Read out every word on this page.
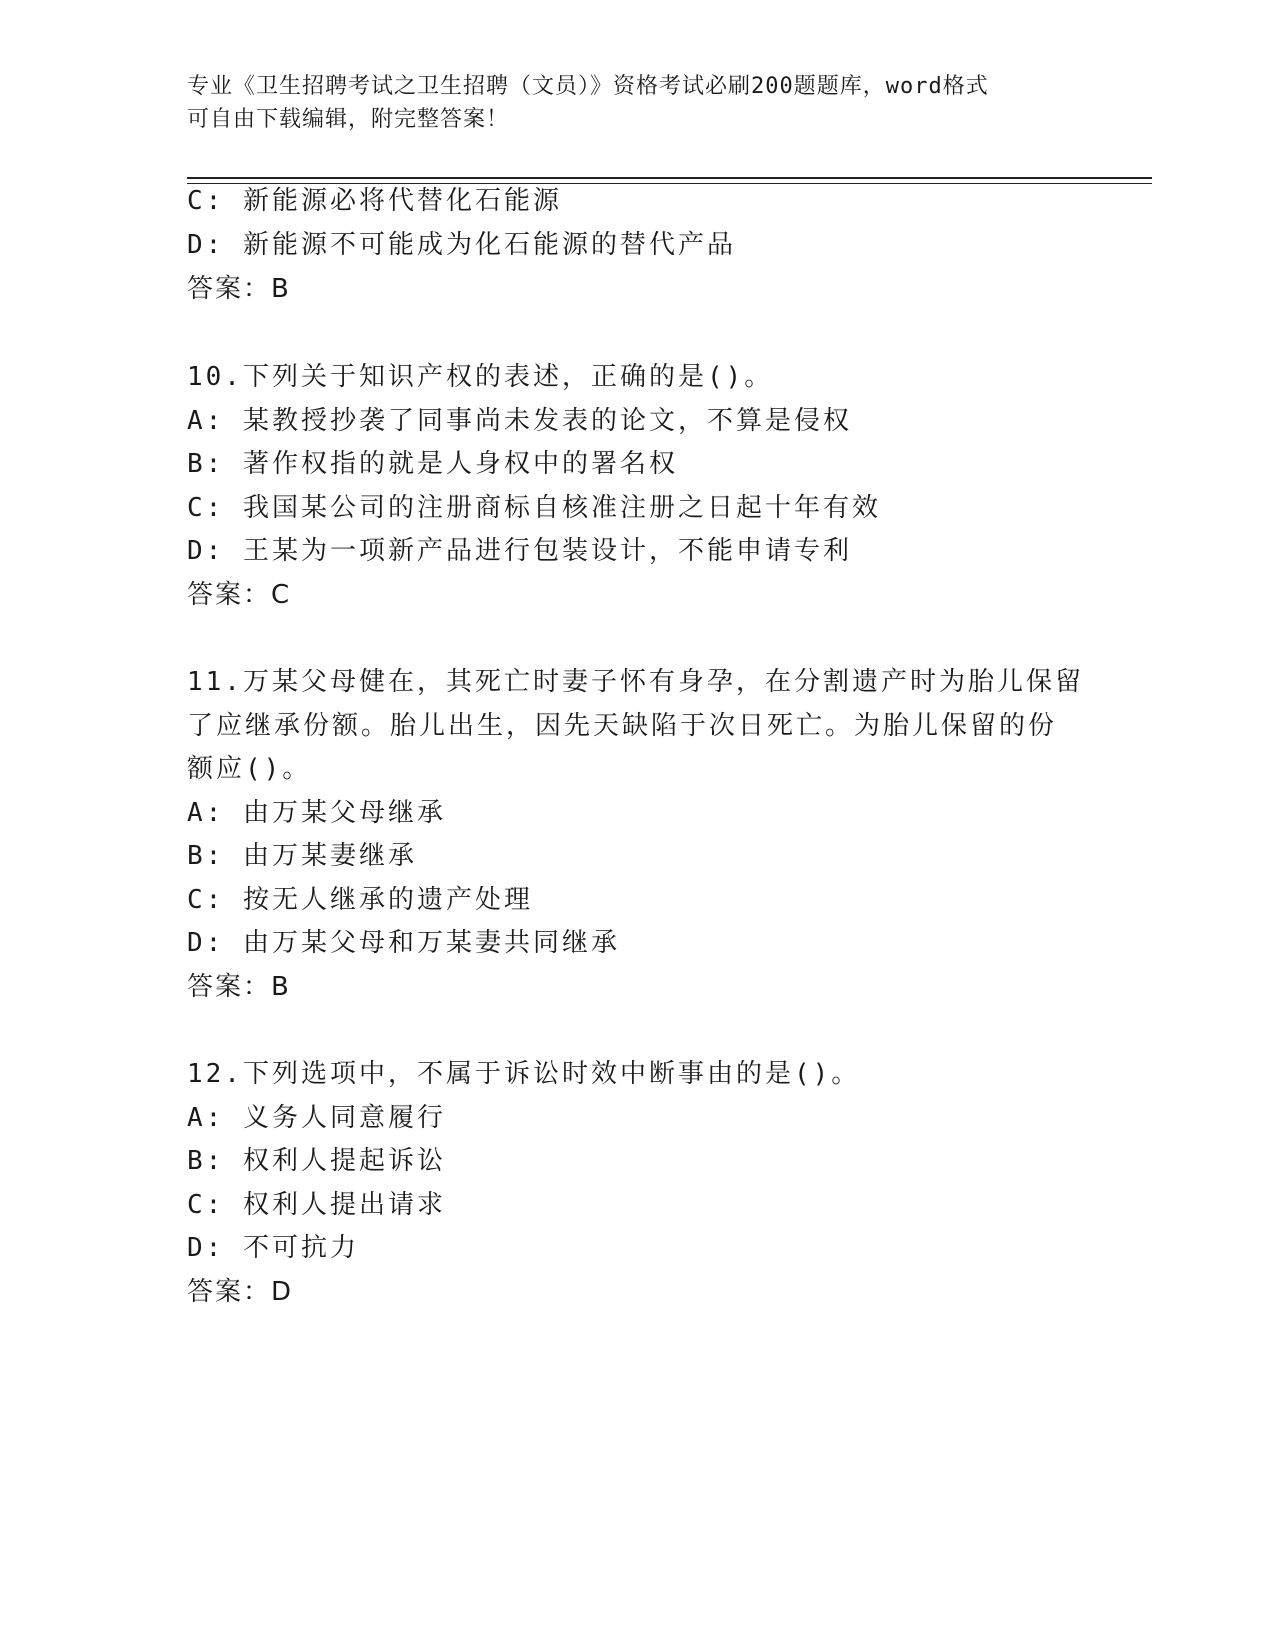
专业《卫生招聘考试之卫生招聘（文员）》资格考试必刷200题题库，word格式
可自由下载编辑，附完整答案！
C: 新能源必将代替化石能源
D: 新能源不可能成为化石能源的替代产品
答案：B
10.下列关于知识产权的表述，正确的是()。
A: 某教授抄袭了同事尚未发表的论文，不算是侵权
B: 著作权指的就是人身权中的署名权
C: 我国某公司的注册商标自核准注册之日起十年有效
D: 王某为一项新产品进行包装设计，不能申请专利
答案：C
11.万某父母健在，其死亡时妻子怀有身孕，在分割遗产时为胎儿保留
了应继承份额。胎儿出生，因先天缺陷于次日死亡。为胎儿保留的份
额应()。
A: 由万某父母继承
B: 由万某妻继承
C: 按无人继承的遗产处理
D: 由万某父母和万某妻共同继承
答案：B
12.下列选项中，不属于诉讼时效中断事由的是()。
A: 义务人同意履行
B: 权利人提起诉讼
C: 权利人提出请求
D: 不可抗力
答案：D
